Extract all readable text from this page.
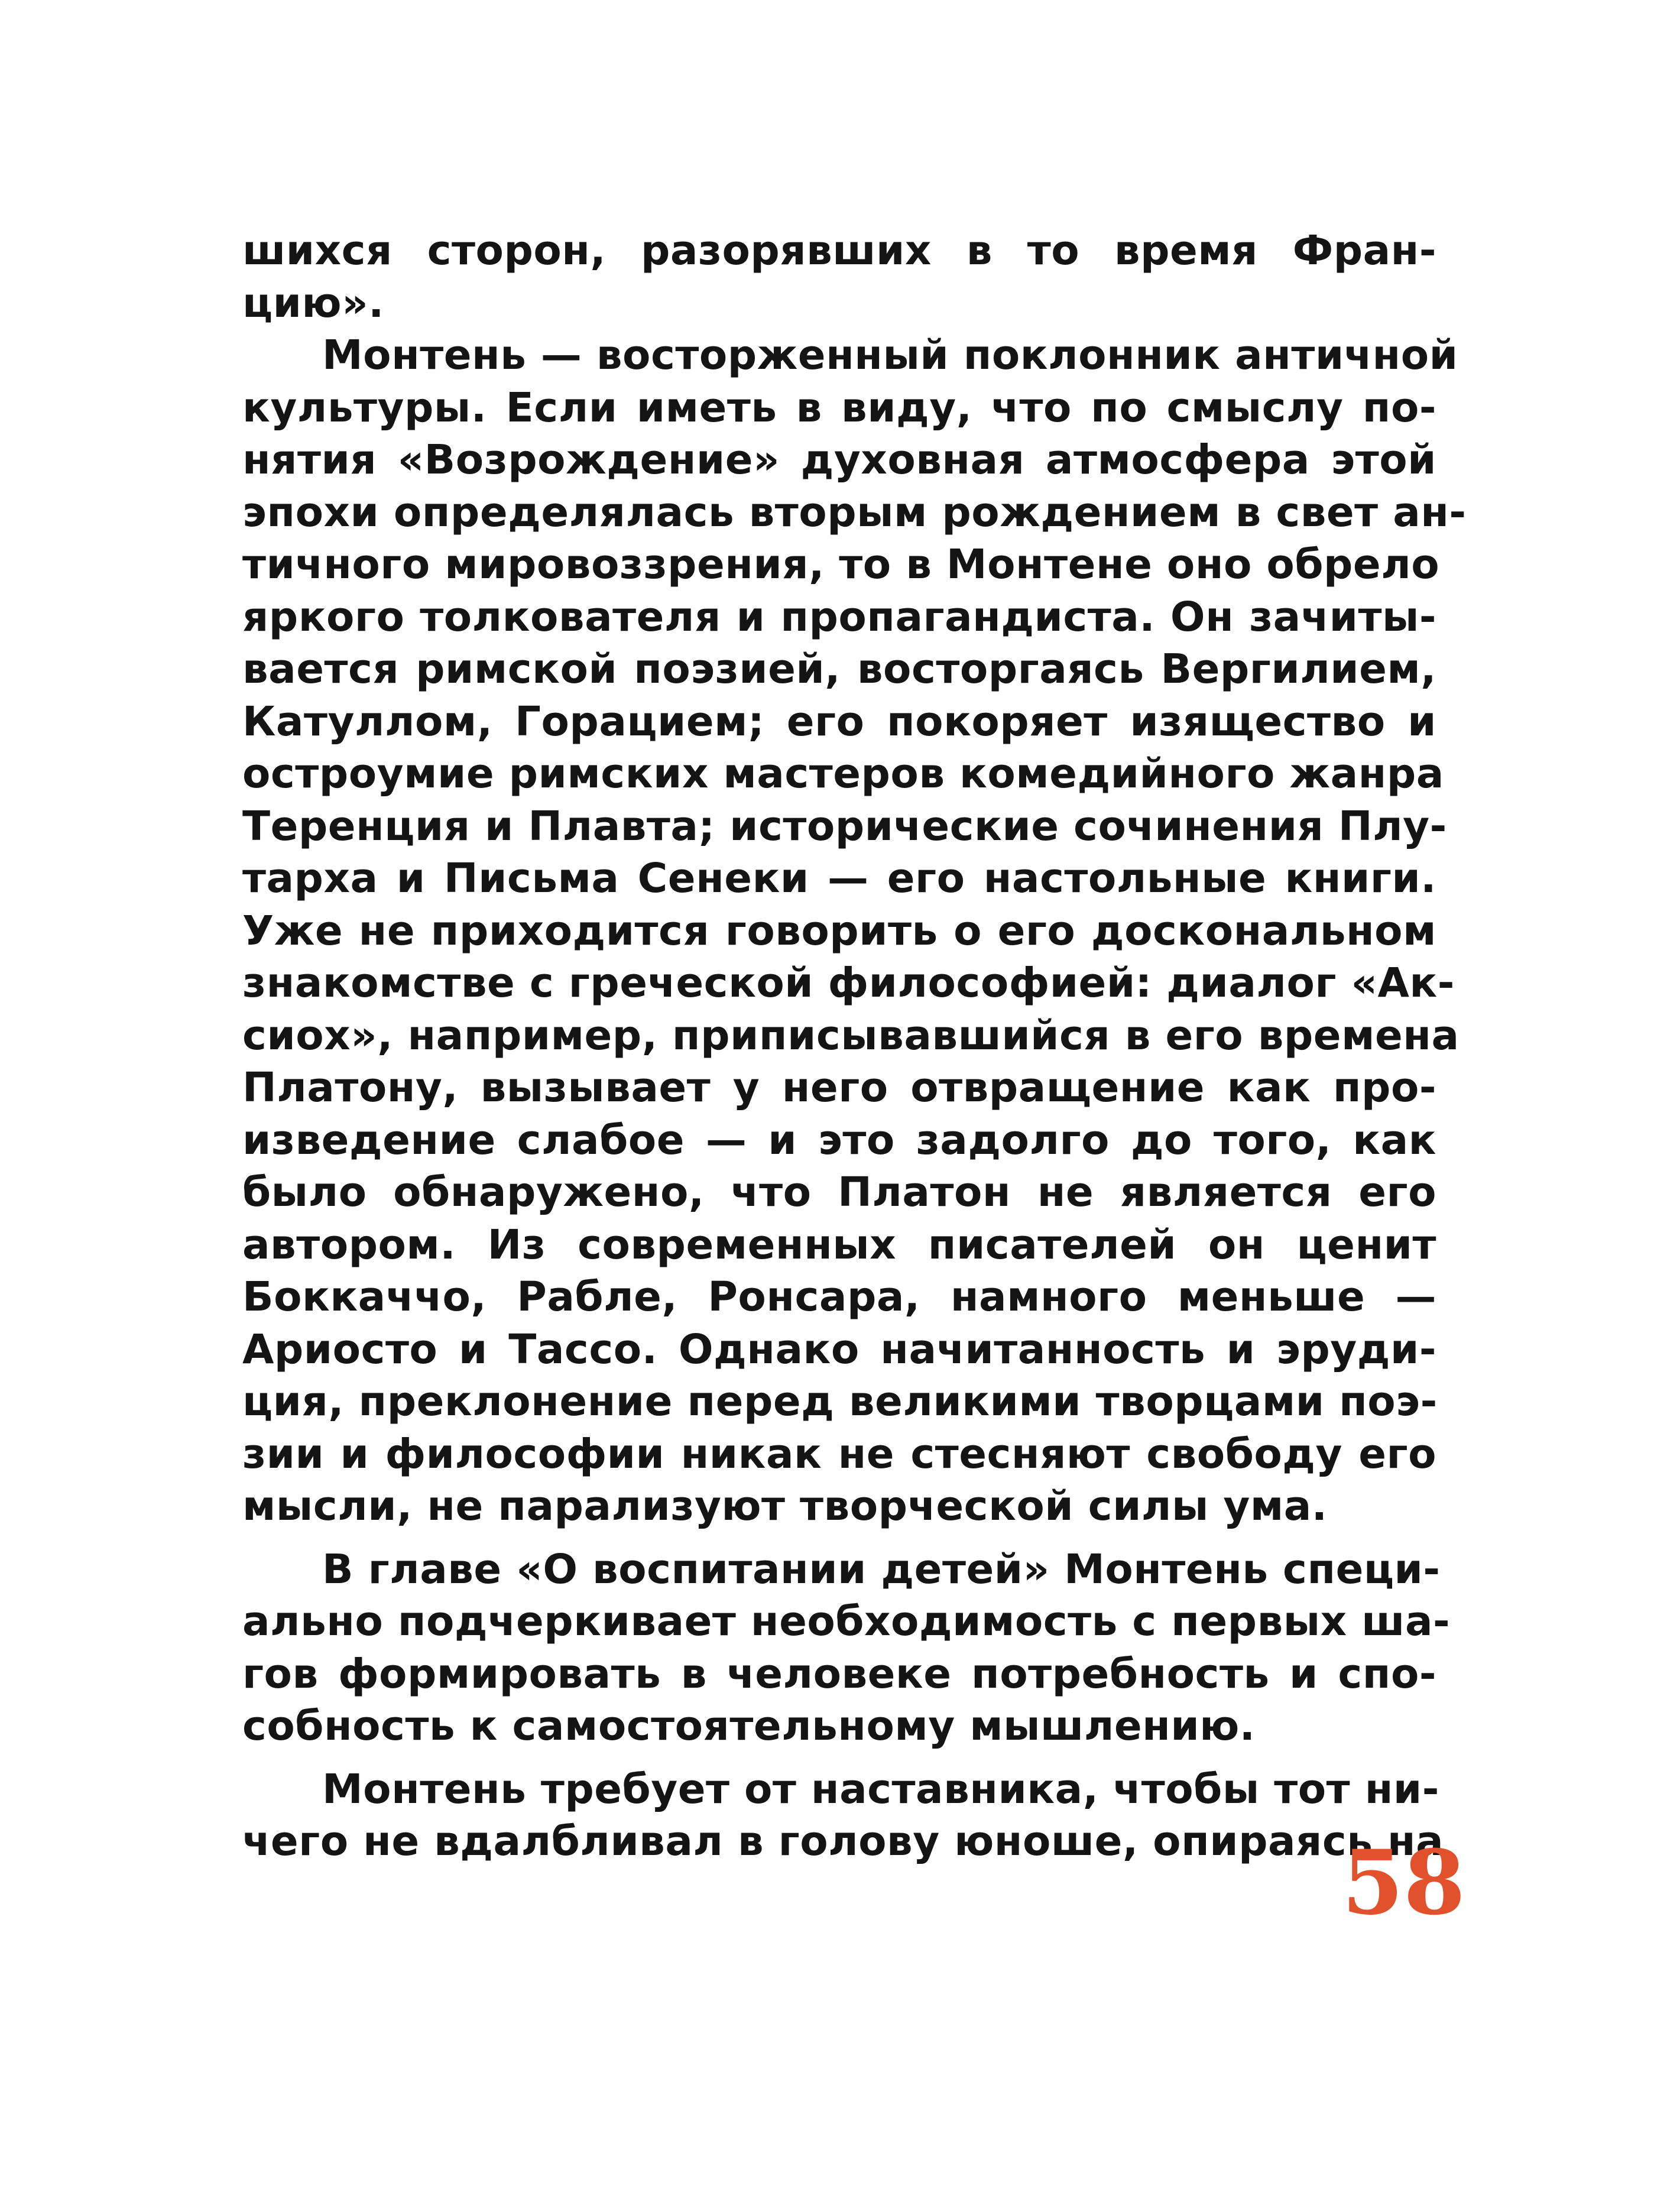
шихся сторон, разорявших в то время Фран-
цию».
Монтень — восторженный поклонник античной
культуры. Если иметь в виду, что по смыслу по-
нятия «Возрождение» духовная атмосфера этой
эпохи определялась вторым рождением в свет ан-
тичного мировоззрения, то в Монтене оно обрело
яркого толкователя и пропагандиста. Он зачиты-
вается римской поэзией, восторгаясь Вергилием,
Катуллом, Горацием; его покоряет изящество и
остроумие римских мастеров комедийного жанра
Теренция и Плавта; исторические сочинения Плу-
тарха и Письма Сенеки — его настольные книги.
Уже не приходится говорить о его доскональном
знакомстве с греческой философией: диалог «Ак-
сиох», например, приписывавшийся в его времена
Платону, вызывает у него отвращение как про-
изведение слабое — и это задолго до того, как
было обнаружено, что Платон не является его
автором. Из современных писателей он ценит
Боккаччо, Рабле, Ронсара, намного меньше —
Ариосто и Тассо. Однако начитанность и эруди-
ция, преклонение перед великими творцами поэ-
зии и философии никак не стесняют свободу его
мысли, не парализуют творческой силы ума.
В главе «О воспитании детей» Монтень специ-
ально подчеркивает необходимость с первых ша-
гов формировать в человеке потребность и спо-
собность к самостоятельному мышлению.
Монтень требует от наставника, чтобы тот ни-
чего не вдалбливал в голову юноше, опираясь на
58
